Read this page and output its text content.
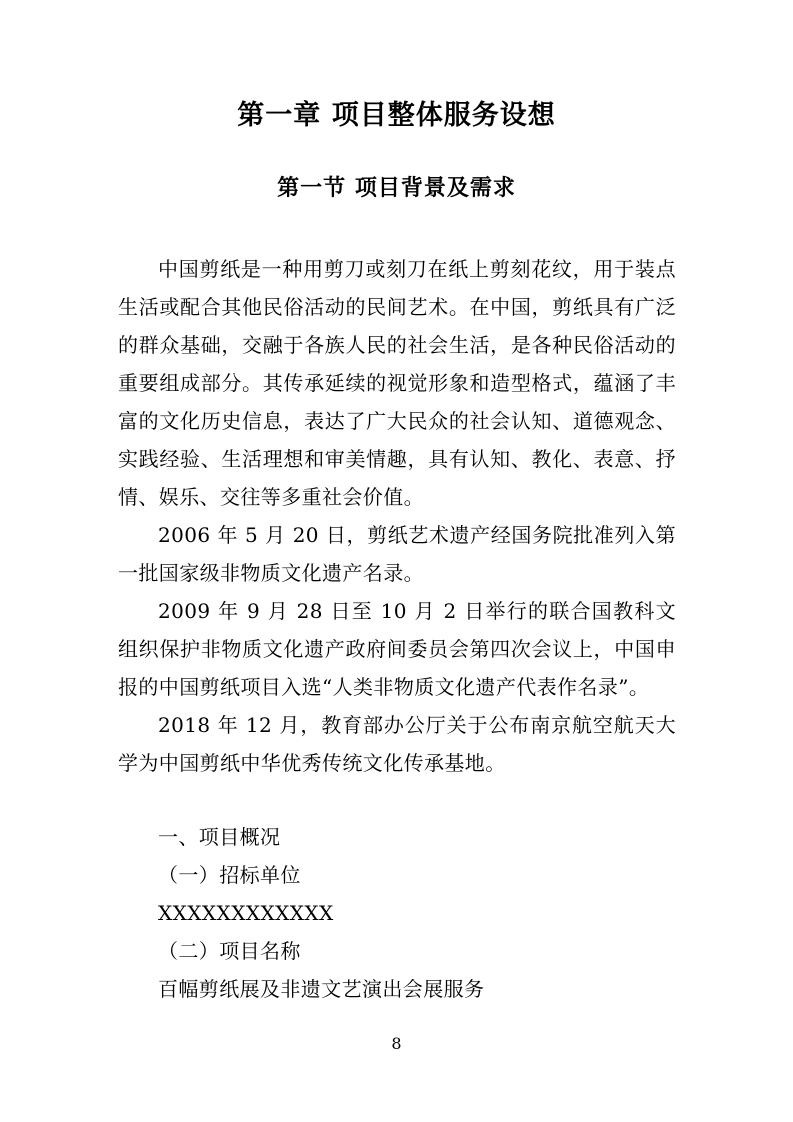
第一章 项目整体服务设想
第一节 项目背景及需求

中国剪纸是一种用剪刀或刻刀在纸上剪刻花纹，用于装点生活或配合其他民俗活动的民间艺术。在中国，剪纸具有广泛的群众基础，交融于各族人民的社会生活，是各种民俗活动的重要组成部分。其传承延续的视觉形象和造型格式，蕴涵了丰富的文化历史信息，表达了广大民众的社会认知、道德观念、实践经验、生活理想和审美情趣，具有认知、教化、表意、抒情、娱乐、交往等多重社会价值。

2006 年 5 月 20 日，剪纸艺术遗产经国务院批准列入第一批国家级非物质文化遗产名录。

2009 年 9 月 28 日至 10 月 2 日举行的联合国教科文组织保护非物质文化遗产政府间委员会第四次会议上，中国申报的中国剪纸项目入选“人类非物质文化遗产代表作名录”。

2018 年 12 月，教育部办公厅关于公布南京航空航天大学为中国剪纸中华优秀传统文化传承基地。

一、项目概况

（一）招标单位

XXXXXXXXXXXX

（二）项目名称

百幅剪纸展及非遗文艺演出会展服务

8
